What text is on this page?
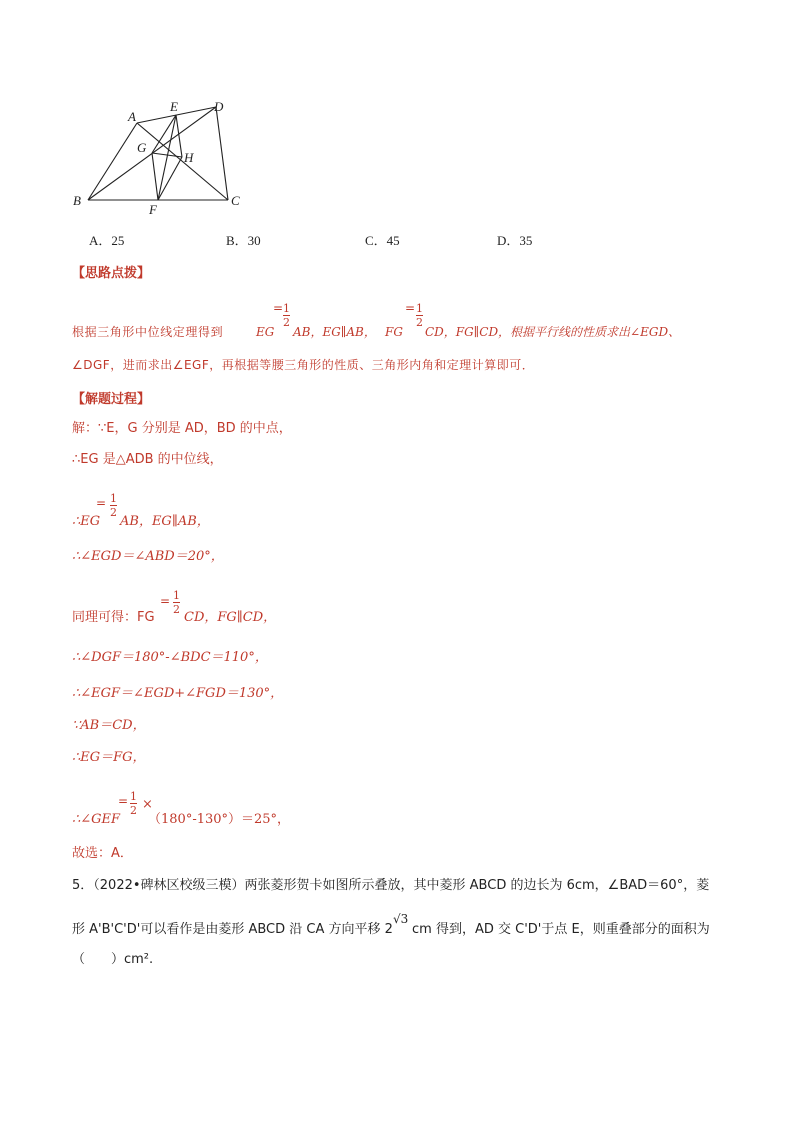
A
E	D
G
H
B
F
C
A．25	B．30	C．45	D．35
【思路点拨】
根据三角形中位线定理得到
1
2
=
EG AB，EG∥AB，
= 1
2
FG CD，FG∥CD，根据平行线的性质求出∠EGD、
∠DGF，进而求出∠EGF，再根据等腰三角形的性质、三角形内角和定理计算即可．
【解题过程】
解：∵E，G 分别是 AD，BD 的中点，
∴EG 是△ADB 的中位线，
= 1
2
∴EG AB，EG∥AB，
∴∠EGD＝∠ABD＝20°，
= 1
2
同理可得：FG CD，FG∥CD，
∴∠DGF＝180°-∠BDC＝110°，
∴∠EGF＝∠EGD+∠FGD＝130°，
∵AB＝CD，
∴EG＝FG，
= 1
2 ×
∴∠GEF （180°-130°）＝25°，
故选：A．
5．（2022•碑林区校级三模）两张菱形贺卡如图所示叠放，其中菱形 ABCD 的边长为 6cm，∠BAD＝60°，菱
形 A'B'C'D'可以看作是由菱形 ABCD 沿 CA 方向平移 2
√3
cm 得到，AD 交 C'D'于点 E，则重叠部分的面积为
（　　）cm².
